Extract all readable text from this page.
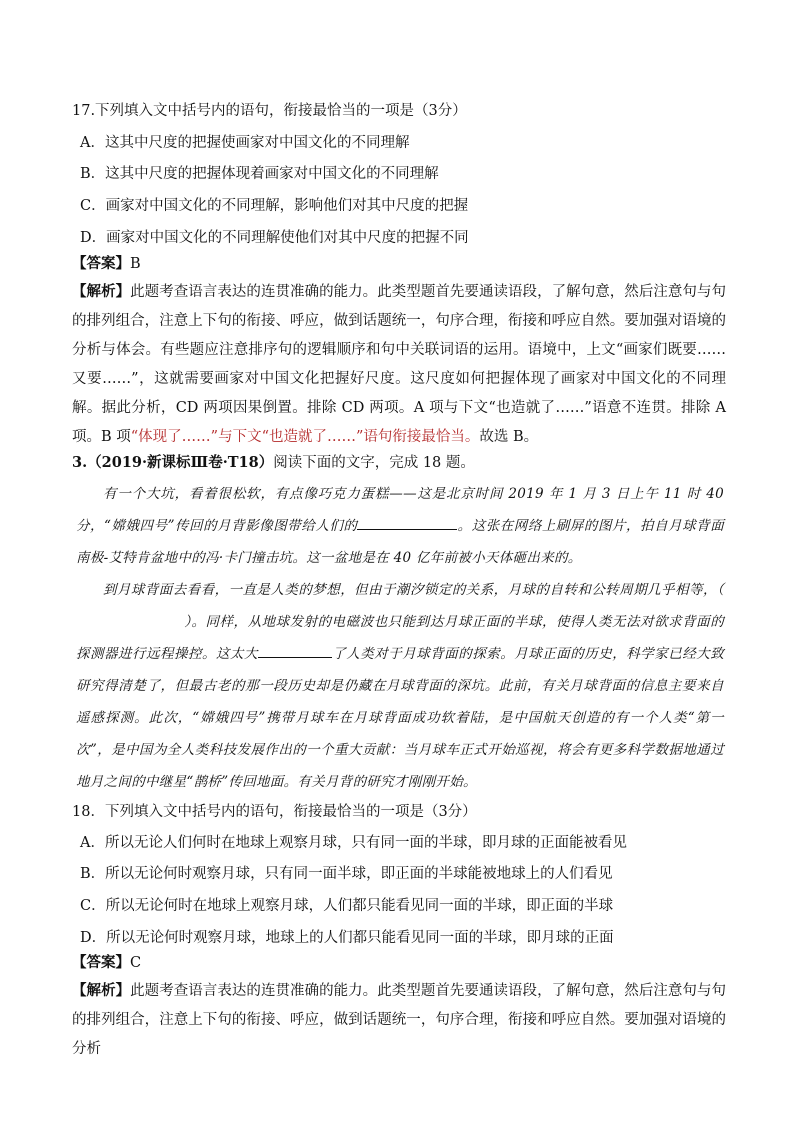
17.下列填入文中括号内的语句，衔接最恰当的一项是（3分）
A．这其中尺度的把握使画家对中国文化的不同理解
B．这其中尺度的把握体现着画家对中国文化的不同理解
C．画家对中国文化的不同理解，影响他们对其中尺度的把握
D．画家对中国文化的不同理解使他们对其中尺度的把握不同
【答案】B
【解析】此题考查语言表达的连贯准确的能力。此类型题首先要通读语段，了解句意，然后注意句与句的排列组合，注意上下句的衔接、呼应，做到话题统一，句序合理，衔接和呼应自然。要加强对语境的分析与体会。有些题应注意排序句的逻辑顺序和句中关联词语的运用。语境中，上文“画家们既要……又要……”，这就需要画家对中国文化把握好尺度。这尺度如何把握体现了画家对中国文化的不同理解。据此分析，CD 两项因果倒置。排除 CD 两项。A 项与下文“也造就了……”语意不连贯。排除 A 项。B 项“体现了……”与下文“也造就了……”语句衔接最恰当。故选 B。
3.（2019·新课标Ⅲ卷·T18）阅读下面的文字，完成 18 题。

有一个大坑，看着很松软，有点像巧克力蛋糕——这是北京时间 2019 年 1 月 3 日上午 11 时 40 分，“嫦娥四号”传回的月背影像图带给人们的	。这张在网络上刷屏的图片，拍自月球背面南极-艾特肯盆地中的冯·卡门撞击坑。这一盆地是在 40 亿年前被小天体砸出来的。

到月球背面去看看，一直是人类的梦想，但由于潮汐锁定的关系，月球的自转和公转周期几乎相等，（）。同样，从地球发射的电磁波也只能到达月球正面的半球，使得人类无法对欲求背面的探测器进行远程操控。这太大	了人类对于月球背面的探索。月球正面的历史，科学家已经大致研究得清楚了，但最古老的那一段历史却是仍藏在月球背面的深坑。此前，有关月球背面的信息主要来自遥感探测。此次，“嫦娥四号”携带月球车在月球背面成功软着陆，是中国航天创造的有一个人类“第一次”，是中国为全人类科技发展作出的一个重大贡献：当月球车正式开始巡视，将会有更多科学数据地通过地月之间的中继星“鹊桥”传回地面。有关月背的研究才刚刚开始。

18．下列填入文中括号内的语句，衔接最恰当的一项是（3分）
A．所以无论人们何时在地球上观察月球，只有同一面的半球，即月球的正面能被看见
B．所以无论何时观察月球，只有同一面半球，即正面的半球能被地球上的人们看见
C．所以无论何时在地球上观察月球，人们都只能看见同一面的半球，即正面的半球
D．所以无论何时观察月球，地球上的人们都只能看见同一面的半球，即月球的正面
【答案】C
【解析】此题考查语言表达的连贯准确的能力。此类型题首先要通读语段，了解句意，然后注意句与句的排列组合，注意上下句的衔接、呼应，做到话题统一，句序合理，衔接和呼应自然。要加强对语境的分析
